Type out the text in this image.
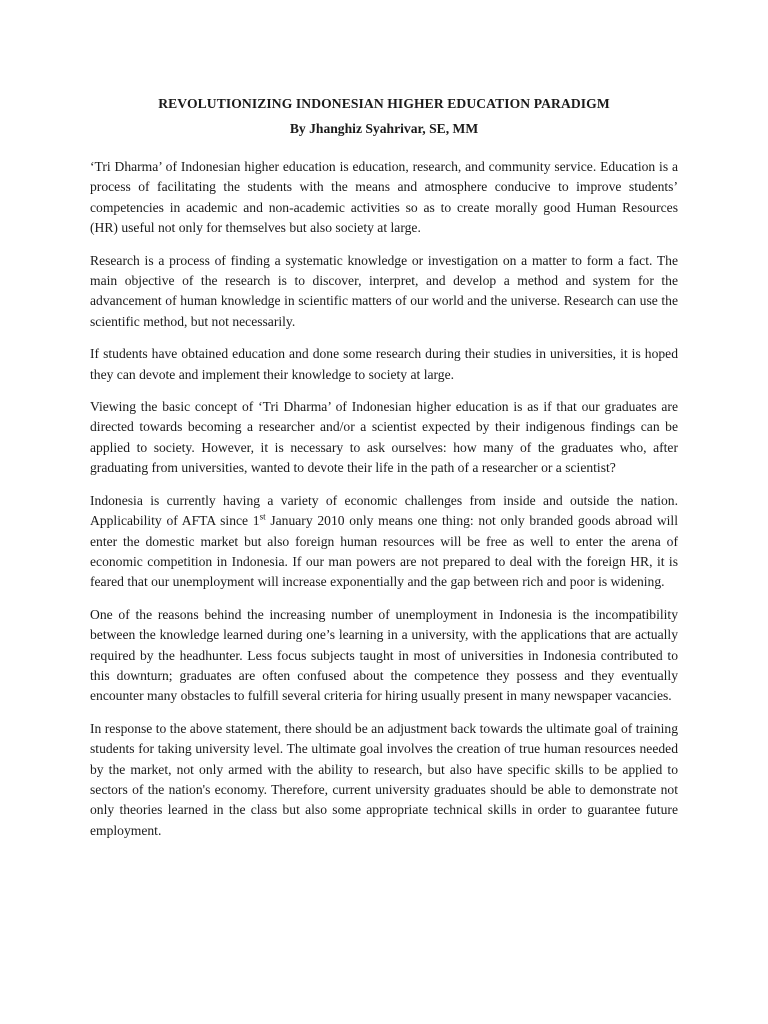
REVOLUTIONIZING INDONESIAN HIGHER EDUCATION PARADIGM

By Jhanghiz Syahrivar, SE, MM

‘Tri Dharma’ of Indonesian higher education is education, research, and community service. Education is a process of facilitating the students with the means and atmosphere conducive to improve students’ competencies in academic and non-academic activities so as to create morally good Human Resources (HR) useful not only for themselves but also society at large.

Research is a process of finding a systematic knowledge or investigation on a matter to form a fact. The main objective of the research is to discover, interpret, and develop a method and system for the advancement of human knowledge in scientific matters of our world and the universe. Research can use the scientific method, but not necessarily.

If students have obtained education and done some research during their studies in universities, it is hoped they can devote and implement their knowledge to society at large.

Viewing the basic concept of ‘Tri Dharma’ of Indonesian higher education is as if that our graduates are directed towards becoming a researcher and/or a scientist expected by their indigenous findings can be applied to society. However, it is necessary to ask ourselves: how many of the graduates who, after graduating from universities, wanted to devote their life in the path of a researcher or a scientist?

Indonesia is currently having a variety of economic challenges from inside and outside the nation. Applicability of AFTA since 1st January 2010 only means one thing: not only branded goods abroad will enter the domestic market but also foreign human resources will be free as well to enter the arena of economic competition in Indonesia. If our man powers are not prepared to deal with the foreign HR, it is feared that our unemployment will increase exponentially and the gap between rich and poor is widening.

One of the reasons behind the increasing number of unemployment in Indonesia is the incompatibility between the knowledge learned during one’s learning in a university, with the applications that are actually required by the headhunter. Less focus subjects taught in most of universities in Indonesia contributed to this downturn; graduates are often confused about the competence they possess and they eventually encounter many obstacles to fulfill several criteria for hiring usually present in many newspaper vacancies.

In response to the above statement, there should be an adjustment back towards the ultimate goal of training students for taking university level. The ultimate goal involves the creation of true human resources needed by the market, not only armed with the ability to research, but also have specific skills to be applied to sectors of the nation's economy. Therefore, current university graduates should be able to demonstrate not only theories learned in the class but also some appropriate technical skills in order to guarantee future employment.
